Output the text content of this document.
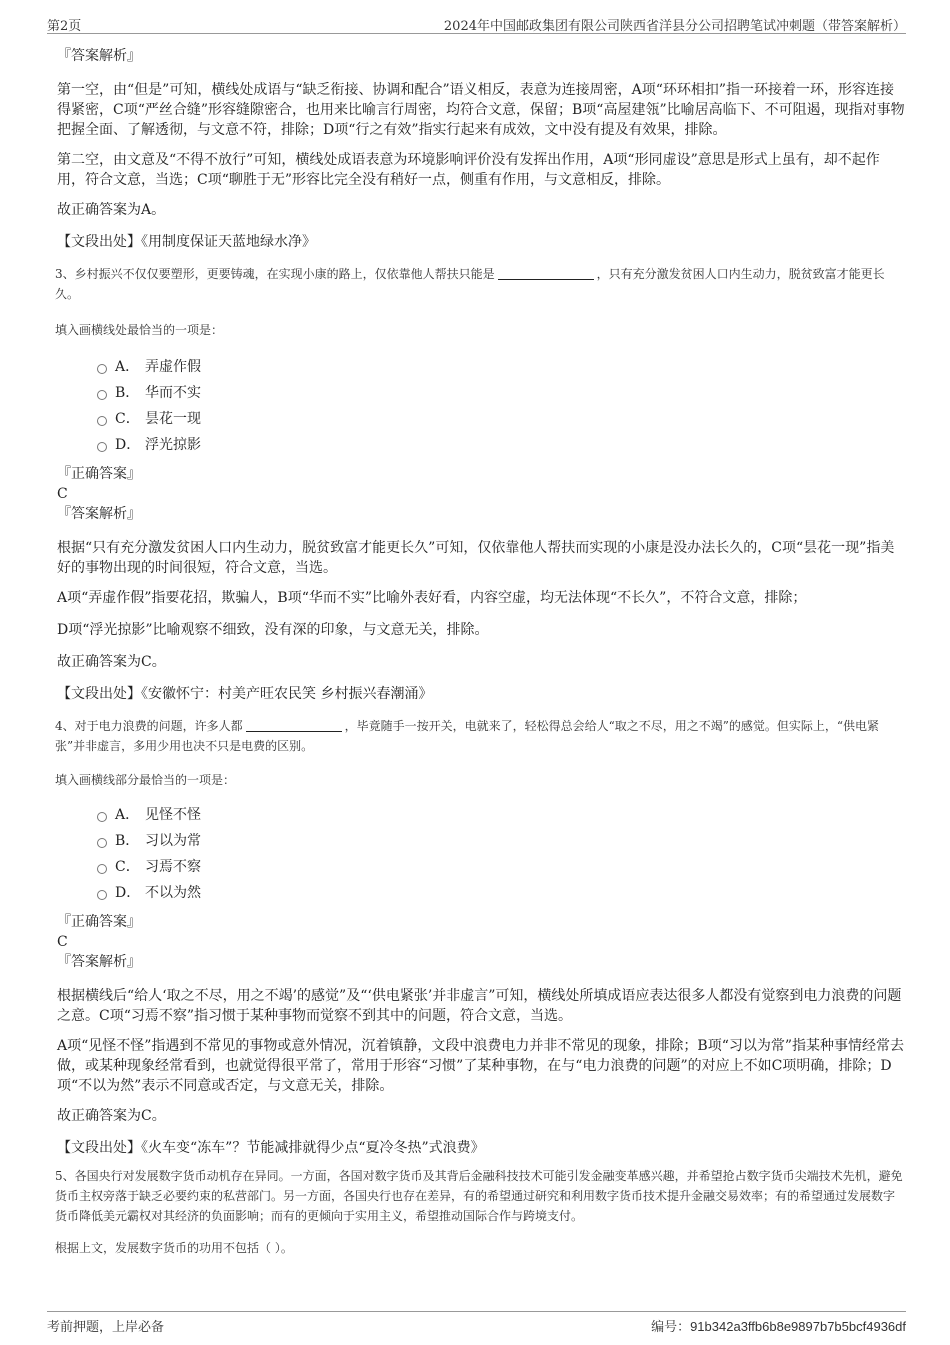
第2页	2024年中国邮政集团有限公司陕西省洋县分公司招聘笔试冲刺题（带答案解析）

『答案解析』

第一空，由“但是”可知，横线处成语与“缺乏衔接、协调和配合”语义相反，表意为连接周密，A项“环环相扣”指一环接着一环，形容连接得紧密，C项“严丝合缝”形容缝隙密合，也用来比喻言行周密，均符合文意，保留；B项“高屋建瓴”比喻居高临下、不可阻遏，现指对事物把握全面、了解透彻，与文意不符，排除；D项“行之有效”指实行起来有成效，文中没有提及有效果，排除。

第二空，由文意及“不得不放行”可知，横线处成语表意为环境影响评价没有发挥出作用，A项“形同虚设”意思是形式上虽有，却不起作用，符合文意，当选；C项“聊胜于无”形容比完全没有稍好一点，侧重有作用，与文意相反，排除。

故正确答案为A。

【文段出处】《用制度保证天蓝地绿水净》

3、乡村振兴不仅仅要塑形，更要铸魂，在实现小康的路上，仅依靠他人帮扶只能是	，只有充分激发贫困人口内生动力，脱贫致富才能更长久。

填入画横线处最恰当的一项是：

A． 弄虚作假
B． 华而不实
C． 昙花一现
D． 浮光掠影

『正确答案』

C

『答案解析』

根据“只有充分激发贫困人口内生动力，脱贫致富才能更长久”可知，仅依靠他人帮扶而实现的小康是没办法长久的，C项“昙花一现”指美好的事物出现的时间很短，符合文意，当选。

A项“弄虚作假”指要花招，欺骗人，B项“华而不实”比喻外表好看，内容空虚，均无法体现“不长久”，不符合文意，排除；

D项“浮光掠影”比喻观察不细致，没有深的印象，与文意无关，排除。

故正确答案为C。

【文段出处】《安徽怀宁：村美产旺农民笑 乡村振兴春潮涌》

4、对于电力浪费的问题，许多人都	，毕竟随手一按开关，电就来了，轻松得总会给人“取之不尽，用之不竭”的感觉。但实际上，“供电紧张”并非虚言，多用少用也决不只是电费的区别。

填入画横线部分最恰当的一项是：

A． 见怪不怪
B． 习以为常
C． 习焉不察
D． 不以为然

『正确答案』

C

『答案解析』

根据横线后“给人‘取之不尽，用之不竭’的感觉”及“‘供电紧张’并非虚言”可知，横线处所填成语应表达很多人都没有觉察到电力浪费的问题之意。C项“习焉不察”指习惯于某种事物而觉察不到其中的问题，符合文意，当选。

A项“见怪不怪”指遇到不常见的事物或意外情况，沉着镇静，文段中浪费电力并非不常见的现象，排除；B项“习以为常”指某种事情经常去做，或某种现象经常看到，也就觉得很平常了，常用于形容“习惯”了某种事物，在与“电力浪费的问题”的对应上不如C项明确，排除；D项“不以为然”表示不同意或否定，与文意无关，排除。

故正确答案为C。

【文段出处】《火车变“冻车”？节能减排就得少点“夏冷冬热”式浪费》

5、各国央行对发展数字货币动机存在异同。一方面，各国对数字货币及其背后金融科技技术可能引发金融变革感兴趣，并希望抢占数字货币尖端技术先机，避免货币主权旁落于缺乏必要约束的私营部门。另一方面，各国央行也存在差异，有的希望通过研究和利用数字货币技术提升金融交易效率；有的希望通过发展数字货币降低美元霸权对其经济的负面影响；而有的更倾向于实用主义，希望推动国际合作与跨境支付。

根据上文，发展数字货币的功用不包括（ ）。

考前押题，上岸必备	编号：91b342a3ffb6b8e9897b7b5bcf4936df
